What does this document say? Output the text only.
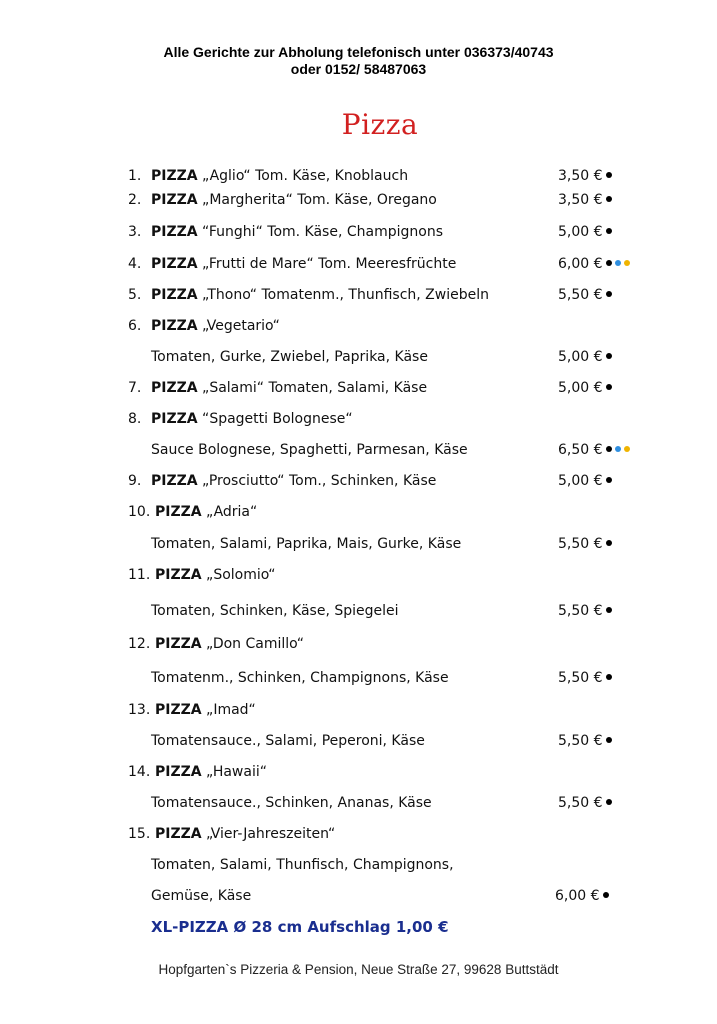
Alle Gerichte zur Abholung telefonisch unter 036373/40743
oder 0152/ 58487063
Pizza
1. PIZZA „Aglio“ Tom. Käse, Knoblauch	3,50 €
2. PIZZA „Margherita“ Tom. Käse, Oregano	3,50 €
3. PIZZA “Funghi“ Tom. Käse, Champignons	5,00 €
4. PIZZA „Frutti de Mare“ Tom. Meeresfrüchte	6,00 €
5. PIZZA „Thono“ Tomatenm., Thunfisch, Zwiebeln	5,50 €
6. PIZZA „Vegetario“
Tomaten, Gurke, Zwiebel, Paprika, Käse	5,00 €
7. PIZZA „Salami“ Tomaten, Salami, Käse	5,00 €
8. PIZZA “Spagetti Bolognese“
Sauce Bolognese, Spaghetti, Parmesan, Käse	6,50 €
9. PIZZA „Prosciutto“ Tom., Schinken, Käse	5,00 €
10. PIZZA „Adria“
Tomaten, Salami, Paprika, Mais, Gurke, Käse	5,50 €
11. PIZZA „Solomio“
Tomaten, Schinken, Käse, Spiegelei	5,50 €
12. PIZZA „Don Camillo“
Tomatenm., Schinken, Champignons, Käse	5,50 €
13. PIZZA „Imad“
Tomatensauce., Salami, Peperoni, Käse	5,50 €
14. PIZZA „Hawaii“
Tomatensauce., Schinken, Ananas, Käse	5,50 €
15. PIZZA „Vier-Jahreszeiten“
Tomaten, Salami, Thunfisch, Champignons,
Gemüse, Käse	6,00 €
XL-PIZZA Ø 28 cm Aufschlag 1,00 €
Hopfgarten`s Pizzeria & Pension, Neue Straße 27, 99628 Buttstädt
